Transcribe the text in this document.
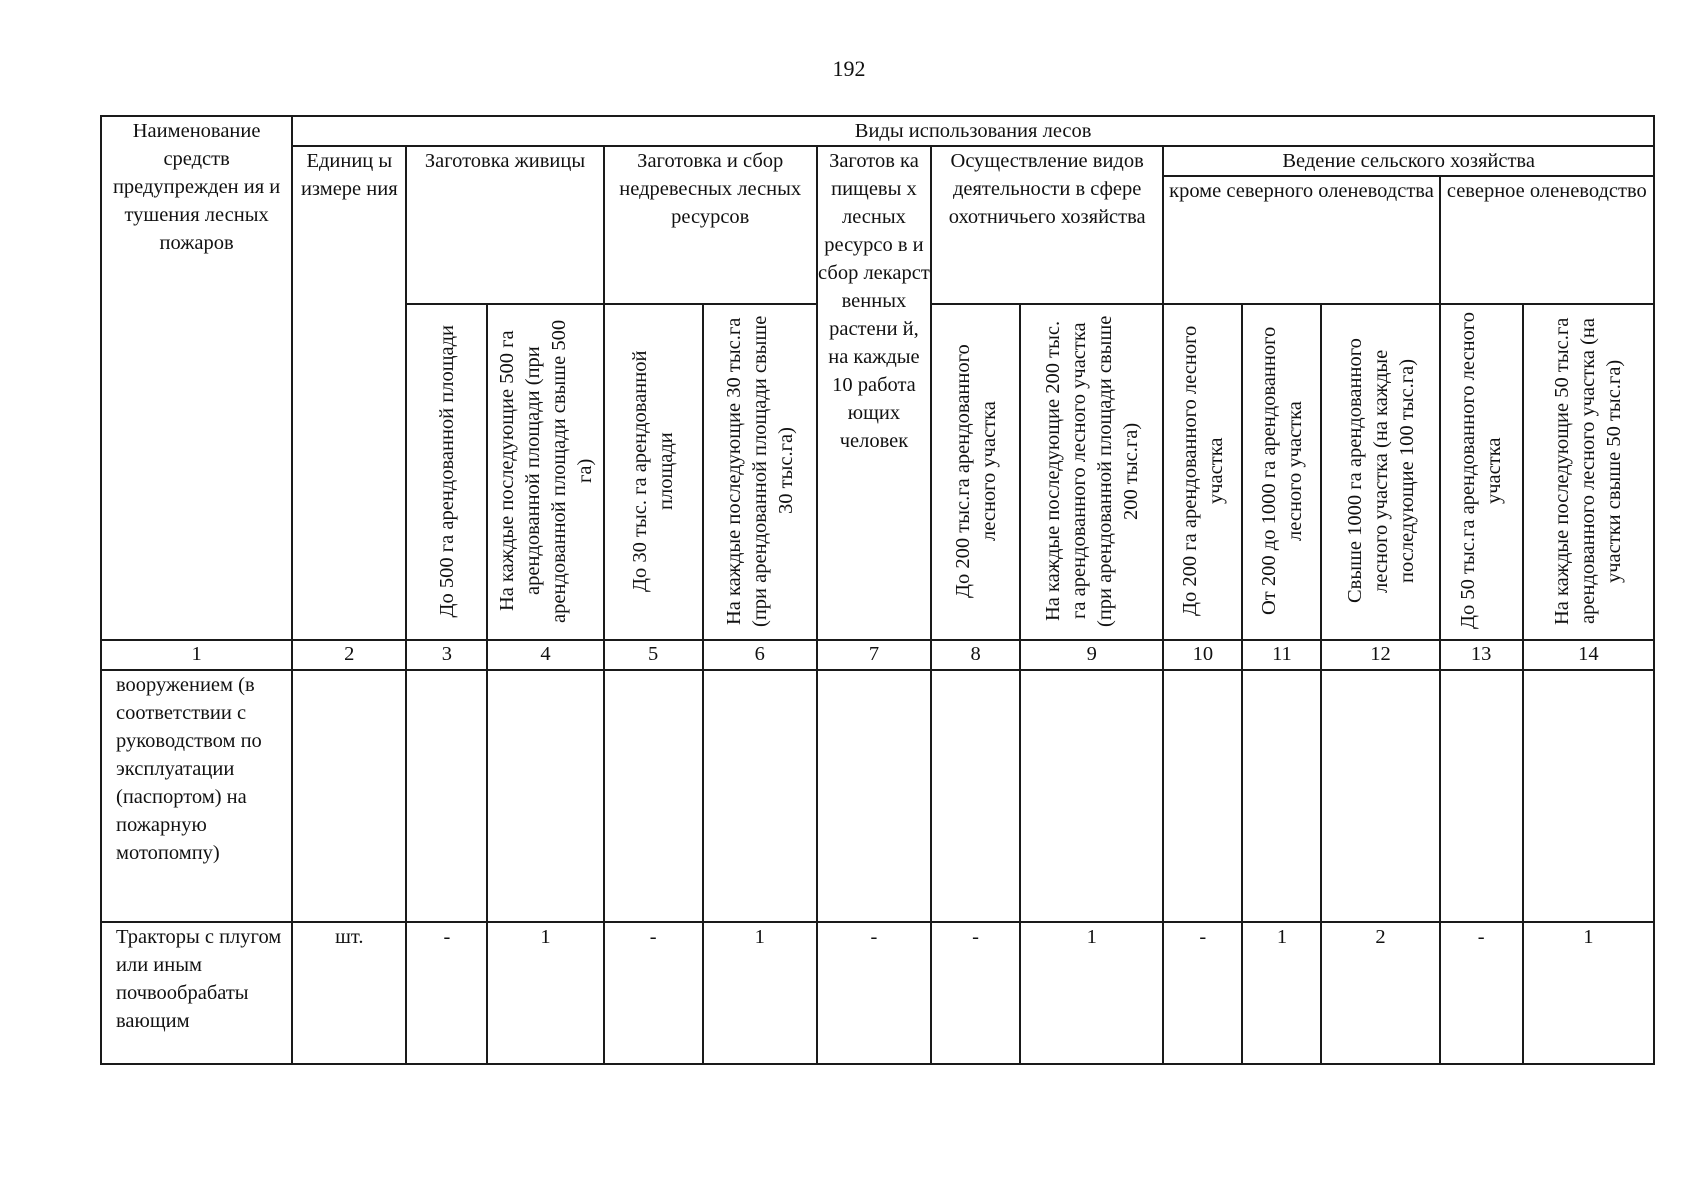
192
Наименование средств предупрежден ия и тушения лесных пожаров	Виды использования лесов												

	Единиц ы измере ния	Заготовка живицы		Заготовка и сбор недревесных лесных ресурсов		Заготов ка пищевы х лесных ресурсо в и сбор лекарст венных растени й, на каждые 10 работа ющих человек	Осуществление видов деятельности в сфере охотничьего хозяйства		Ведение сельского хозяйства				

									кроме северного оленеводства			северное оленеводство	

		До 500 га арендованной площади	На каждые последующие 500 га арендованной площади (при арендованной площади свыше 500 га)	До 30 тыс. га арендованной площади	На каждые последующие 30 тыс.га (при арендованной площади свыше 30 тыс.га)		До 200 тыс.га арендованного лесного участка	На каждые последующие 200 тыс. га арендованного лесного участка (при арендованной площади свыше 200 тыс.га)	До 200 га арендованного лесного участка	От 200 до 1000 га арендованного лесного участка	Свыше 1000 га арендованного лесного участка (на каждые последующие 100 тыс.га)	До 50 тыс.га арендованного лесного участка	На каждые последующие 50 тыс.га арендованного лесного участка (на участки свыше 50 тыс.га)

1	2	3	4	5	6	7	8	9	10	11	12	13	14
вооружением (в соответствии с руководством по эксплуатации (паспортом) на пожарную мотопомпу)													
Тракторы с плугом или иным почвообрабаты вающим	шт.	-	1	-	1	-	-	1	-	1	2	-	1
